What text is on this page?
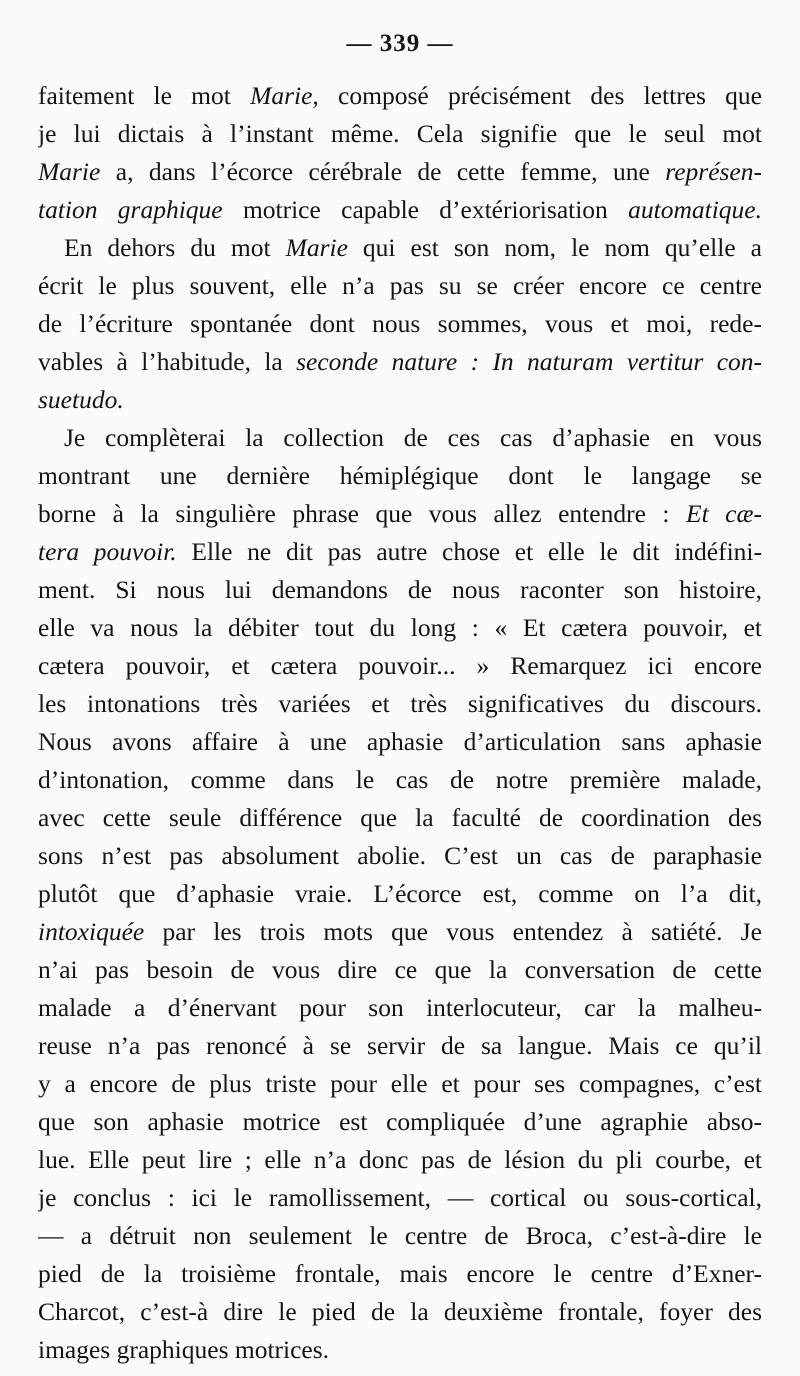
— 339 —
faitement le mot Marie, composé précisément des lettres que
je lui dictais à l’instant même. Cela signifie que le seul mot
Marie a, dans l’écorce cérébrale de cette femme, une représen-
tation graphique motrice capable d’extériorisation automatique.
En dehors du mot Marie qui est son nom, le nom qu’elle a
écrit le plus souvent, elle n’a pas su se créer encore ce centre
de l’écriture spontanée dont nous sommes, vous et moi, rede-
vables à l’habitude, la seconde nature : In naturam vertitur con-
suetudo.
Je complèterai la collection de ces cas d’aphasie en vous
montrant une dernière hémiplégique dont le langage se
borne à la singulière phrase que vous allez entendre : Et cæ-
tera pouvoir. Elle ne dit pas autre chose et elle le dit indéfini-
ment. Si nous lui demandons de nous raconter son histoire,
elle va nous la débiter tout du long : « Et cætera pouvoir, et
cætera pouvoir, et cætera pouvoir... » Remarquez ici encore
les intonations très variées et très significatives du discours.
Nous avons affaire à une aphasie d’articulation sans aphasie
d’intonation, comme dans le cas de notre première malade,
avec cette seule différence que la faculté de coordination des
sons n’est pas absolument abolie. C’est un cas de paraphasie
plutôt que d’aphasie vraie. L’écorce est, comme on l’a dit,
intoxiquée par les trois mots que vous entendez à satiété. Je
n’ai pas besoin de vous dire ce que la conversation de cette
malade a d’énervant pour son interlocuteur, car la malheu-
reuse n’a pas renoncé à se servir de sa langue. Mais ce qu’il
y a encore de plus triste pour elle et pour ses compagnes, c’est
que son aphasie motrice est compliquée d’une agraphie abso-
lue. Elle peut lire ; elle n’a donc pas de lésion du pli courbe, et
je conclus : ici le ramollissement, — cortical ou sous-cortical,
— a détruit non seulement le centre de Broca, c’est-à-dire le
pied de la troisième frontale, mais encore le centre d’Exner-
Charcot, c’est-à dire le pied de la deuxième frontale, foyer des
images graphiques motrices.
